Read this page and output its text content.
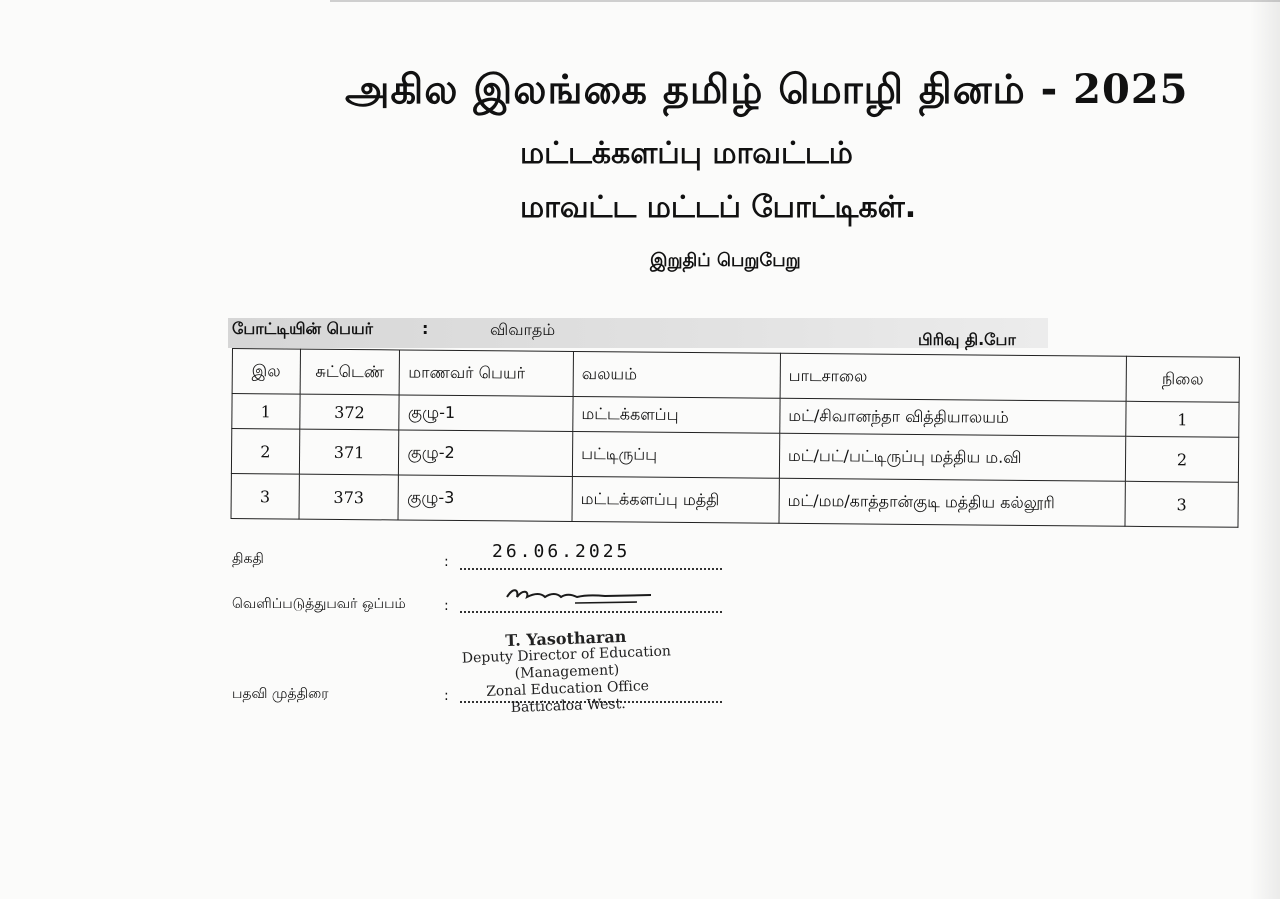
அகில இலங்கை தமிழ் மொழி தினம் - 2025
மட்டக்களப்பு மாவட்டம்
மாவட்ட மட்டப் போட்டிகள்.
இறுதிப் பெறுபேறு
போட்டியின் பெயர்	:	விவாதம்
பிரிவு தி.போ
இல	சுட்டெண்	மாணவர் பெயர்	வலயம்	பாடசாலை	நிலை
1	372	குழு-1	மட்டக்களப்பு	மட்/சிவானந்தா வித்தியாலயம்	1
2	371	குழு-2	பட்டிருப்பு	மட்/பட்/பட்டிருப்பு மத்திய ம.வி	2
3	373	குழு-3	மட்டக்களப்பு மத்தி	மட்/மம/காத்தான்குடி மத்திய கல்லூரி	3
திகதி	: 26.06.2025
வெளிப்படுத்துபவர் ஒப்பம்	:
பதவி முத்திரை	:
T. Yasotharan
Deputy Director of Education
(Management)
Zonal Education Office
Batticaloa West.
